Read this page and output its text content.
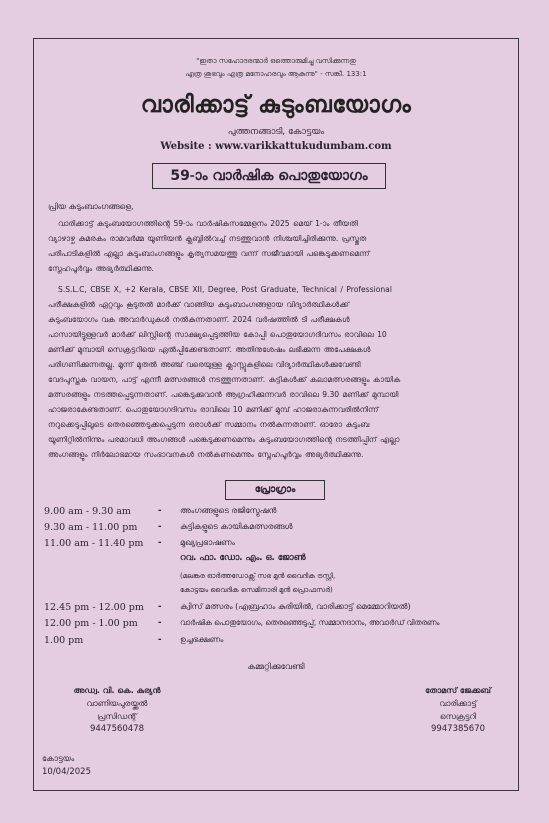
"ഇതാ സഹോദരന്മാർ ഒത്തൊരുമിച്ചു വസിക്കുന്നതു
എത്ര ശുഭവും എത്ര മനോഹരവും ആകുന്നു" - സങ്കീ. 133:1
വാരിക്കാട്ട് കുടുംബയോഗം
പുത്തനങ്ങാടി, കോട്ടയം
Website : www.varikkattukudumbam.com
59-ാം വാർഷിക പൊതുയോഗം
പ്രിയ കുടുംബാംഗങ്ങളെ,
വാരിക്കാട്ട് കുടുംബയോഗത്തിന്റെ 59-ാം വാർഷികസമ്മേളനം 2025 മെയ് 1-ാം തീയതി
വ്യാഴാഴ്ച കുമരകം രാമവർമ്മ യൂണിയൻ ക്ലബ്ബിൽവച്ച് നടത്തുവാൻ നിശ്ചയിച്ചിരിക്കുന്നു. പ്രസ്തുത
പരിപാടികളിൽ എല്ലാ കുടുംബാംഗങ്ങളും കൃത്യസമയത്തു വന്ന് സജീവമായി പങ്കെടുക്കണമെന്ന്
സ്നേഹപൂർവ്വം അഭ്യർത്ഥിക്കുന്നു.
S.S.L.C, CBSE X, +2 Kerala, CBSE XII, Degree, Post Graduate, Technical / Professional
പരീക്ഷകളിൽ ഏറ്റവും കൂടുതൽ മാർക്ക് വാങ്ങിയ കുടുംബാംഗങ്ങളായ വിദ്യാർത്ഥികൾക്ക്
കുടുംബയോഗം വക അവാർഡുകൾ നൽകുന്നതാണ്. 2024 വർഷത്തിൽ ടി പരീക്ഷകൾ
പാസായിട്ടുള്ളവർ മാർക്ക് ലിസ്റ്റിന്റെ സാക്ഷ്യപ്പെടുത്തിയ കോപ്പി പൊതുയോഗദിവസം രാവിലെ 10
മണിക്ക് മുമ്പായി സെക്രട്ടറിയെ ഏൽപ്പിക്കേണ്ടതാണ്. അതിനുശേഷം ലഭിക്കുന്ന അപേക്ഷകൾ
പരിഗണിക്കുന്നതല്ല. മൂന്ന് മുതൽ അഞ്ച് വരെയുള്ള ക്ലാസ്സുകളിലെ വിദ്യാർത്ഥികൾക്കുവേണ്ടി
വേദപുസ്തക വായന, പാട്ട് എന്നീ മത്സരങ്ങൾ നടത്തുന്നതാണ്. കുട്ടികൾക്ക് കലാമത്സരങ്ങളും കായിക
മത്സരങ്ങളും നടത്തപ്പെടുന്നതാണ്. പങ്കെടുക്കുവാൻ ആഗ്രഹിക്കുന്നവർ രാവിലെ 9.30 മണിക്ക് മുമ്പായി
ഹാജരാകേണ്ടതാണ്. പൊതുയോഗദിവസം രാവിലെ 10 മണിക്ക് മുമ്പ് ഹാജരാകുന്നവരിൽനിന്ന്
നറുക്കെടുപ്പിലൂടെ തെരഞ്ഞെടുക്കപ്പെടുന്ന ഒരാൾക്ക് സമ്മാനം നൽകുന്നതാണ്. ഓരോ കുടുംബ
യൂണിറ്റിൽനിന്നും പരമാവധി അംഗങ്ങൾ പങ്കെടുക്കണമെന്നും കുടുംബയോഗത്തിന്റെ നടത്തിപ്പിന് എല്ലാ
അംഗങ്ങളും നിർലോഭമായ സംഭാവനകൾ നൽകണമെന്നും സ്നേഹപൂർവ്വം അഭ്യർത്ഥിക്കുന്നു.
പ്രോഗ്രാം
9.00 am - 9.30 am	- അംഗങ്ങളുടെ രജിസ്ട്രേഷൻ
9.30 am - 11.00 pm - കുട്ടികളുടെ കായികമത്സരങ്ങൾ
11.00 am - 11.40 pm - മുഖ്യപ്രഭാഷണം
റവ. ഫാ. ഡോ. എം. ഒ. ജോൺ
(മലങ്കര ഓർത്തഡോക്സ് സഭ മുൻ വൈദിക ട്രസ്റ്റി,
കോട്ടയം വൈദിക സെമിനാരി മുൻ പ്രൊഫസർ)
12.45 pm - 12.00 pm - ക്വിസ് മത്സരം (എബ്രഹാം കുരിയിൽ, വാരിക്കാട്ട് മെമ്മോറിയൽ)
12.00 pm - 1.00 pm -	വാർഷിക പൊതുയോഗം, തെരഞ്ഞെടുപ്പ്, സമ്മാനദാനം, അവാർഡ് വിതരണം
1.00 pm	- ഉച്ചഭക്ഷണം
കമ്മറ്റിക്കുവേണ്ടി
അഡ്വ. വി. കെ. കുര്യൻ
വാണിയപുരയ്ക്കൽ
പ്രസിഡന്റ്
9447560478
തോമസ് ജേക്കബ്
വാരിക്കാട്ട്
സെക്രട്ടറി
9947385670
കോട്ടയം
10/04/2025
